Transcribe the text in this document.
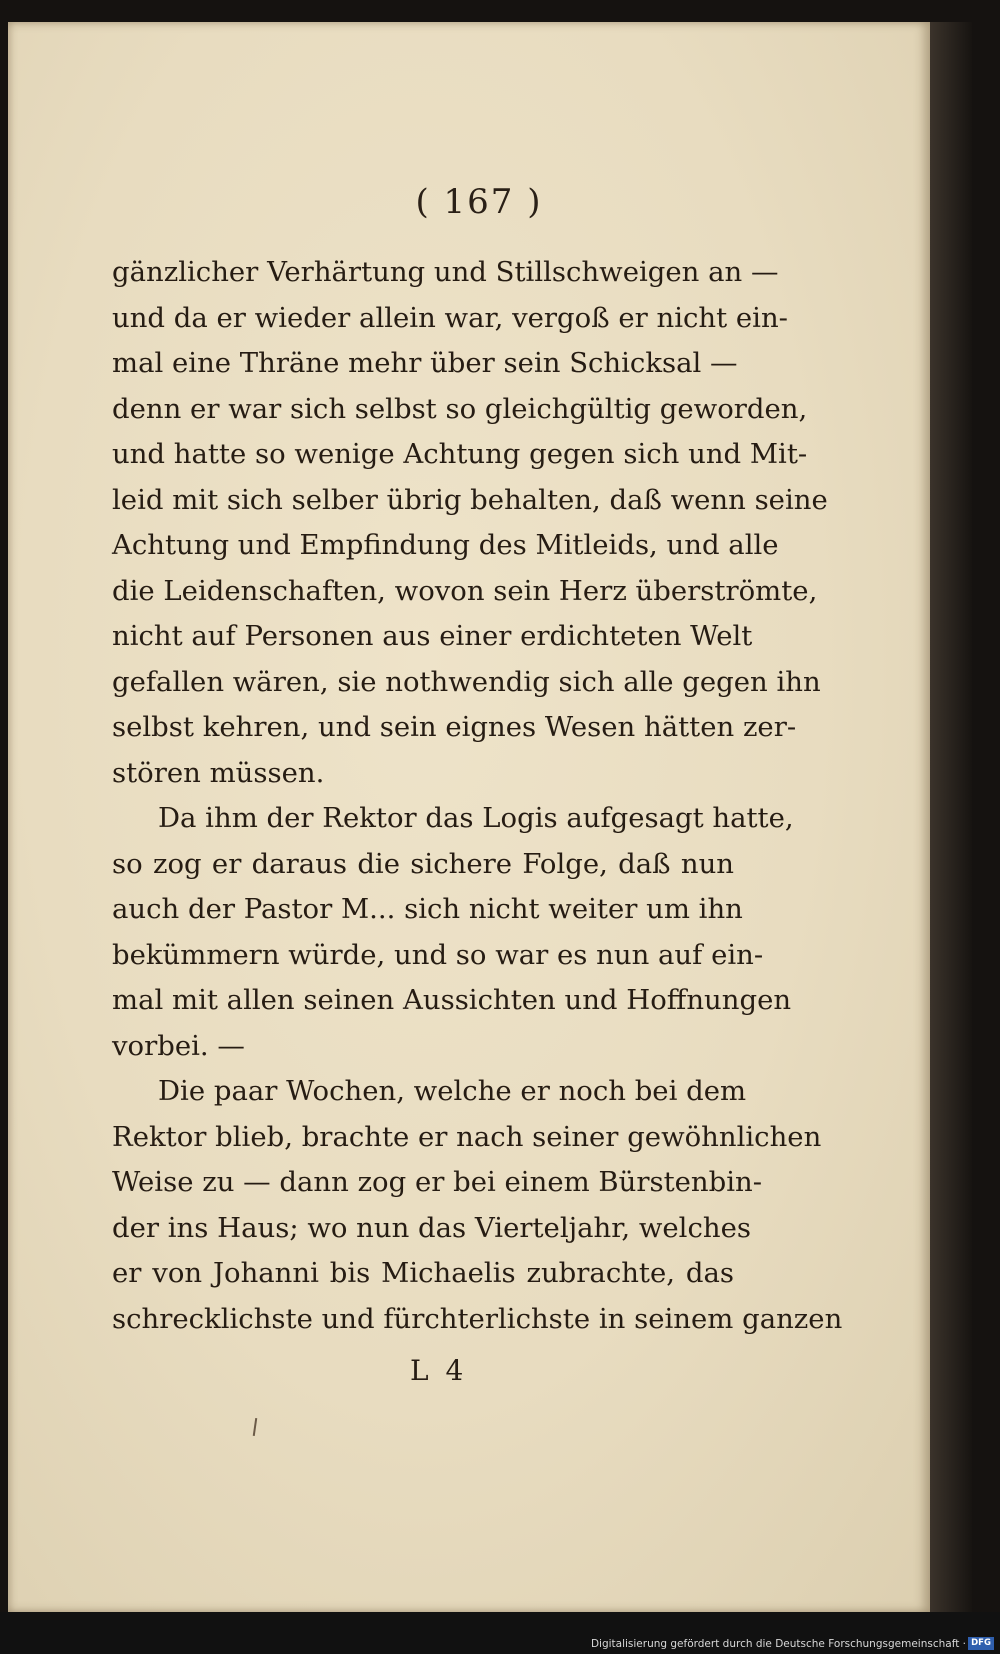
( 167 )
gänzlicher Verhärtung und Stillschweigen an —
und da er wieder allein war, vergoß er nicht ein-
mal eine Thräne mehr über sein Schicksal —
denn er war sich selbst so gleichgültig geworden,
und hatte so wenige Achtung gegen sich und Mit-
leid mit sich selber übrig behalten, daß wenn seine
Achtung und Empfindung des Mitleids, und alle
die Leidenschaften, wovon sein Herz überströmte,
nicht auf Personen aus einer erdichteten Welt
gefallen wären, sie nothwendig sich alle gegen ihn
selbst kehren, und sein eignes Wesen hätten zer-
stören müssen.
Da ihm der Rektor das Logis aufgesagt hatte,
so zog er daraus die sichere Folge, daß nun
auch der Pastor M... sich nicht weiter um ihn
bekümmern würde, und so war es nun auf ein-
mal mit allen seinen Aussichten und Hoffnungen
vorbei. —
Die paar Wochen, welche er noch bei dem
Rektor blieb, brachte er nach seiner gewöhnlichen
Weise zu — dann zog er bei einem Bürstenbin-
der ins Haus; wo nun das Vierteljahr, welches
er von Johanni bis Michaelis zubrachte, das
schrecklichste und fürchterlichste in seinem ganzen
L 4
Digitalisierung gefördert durch die Deutsche Forschungsgemeinschaft · DFG
